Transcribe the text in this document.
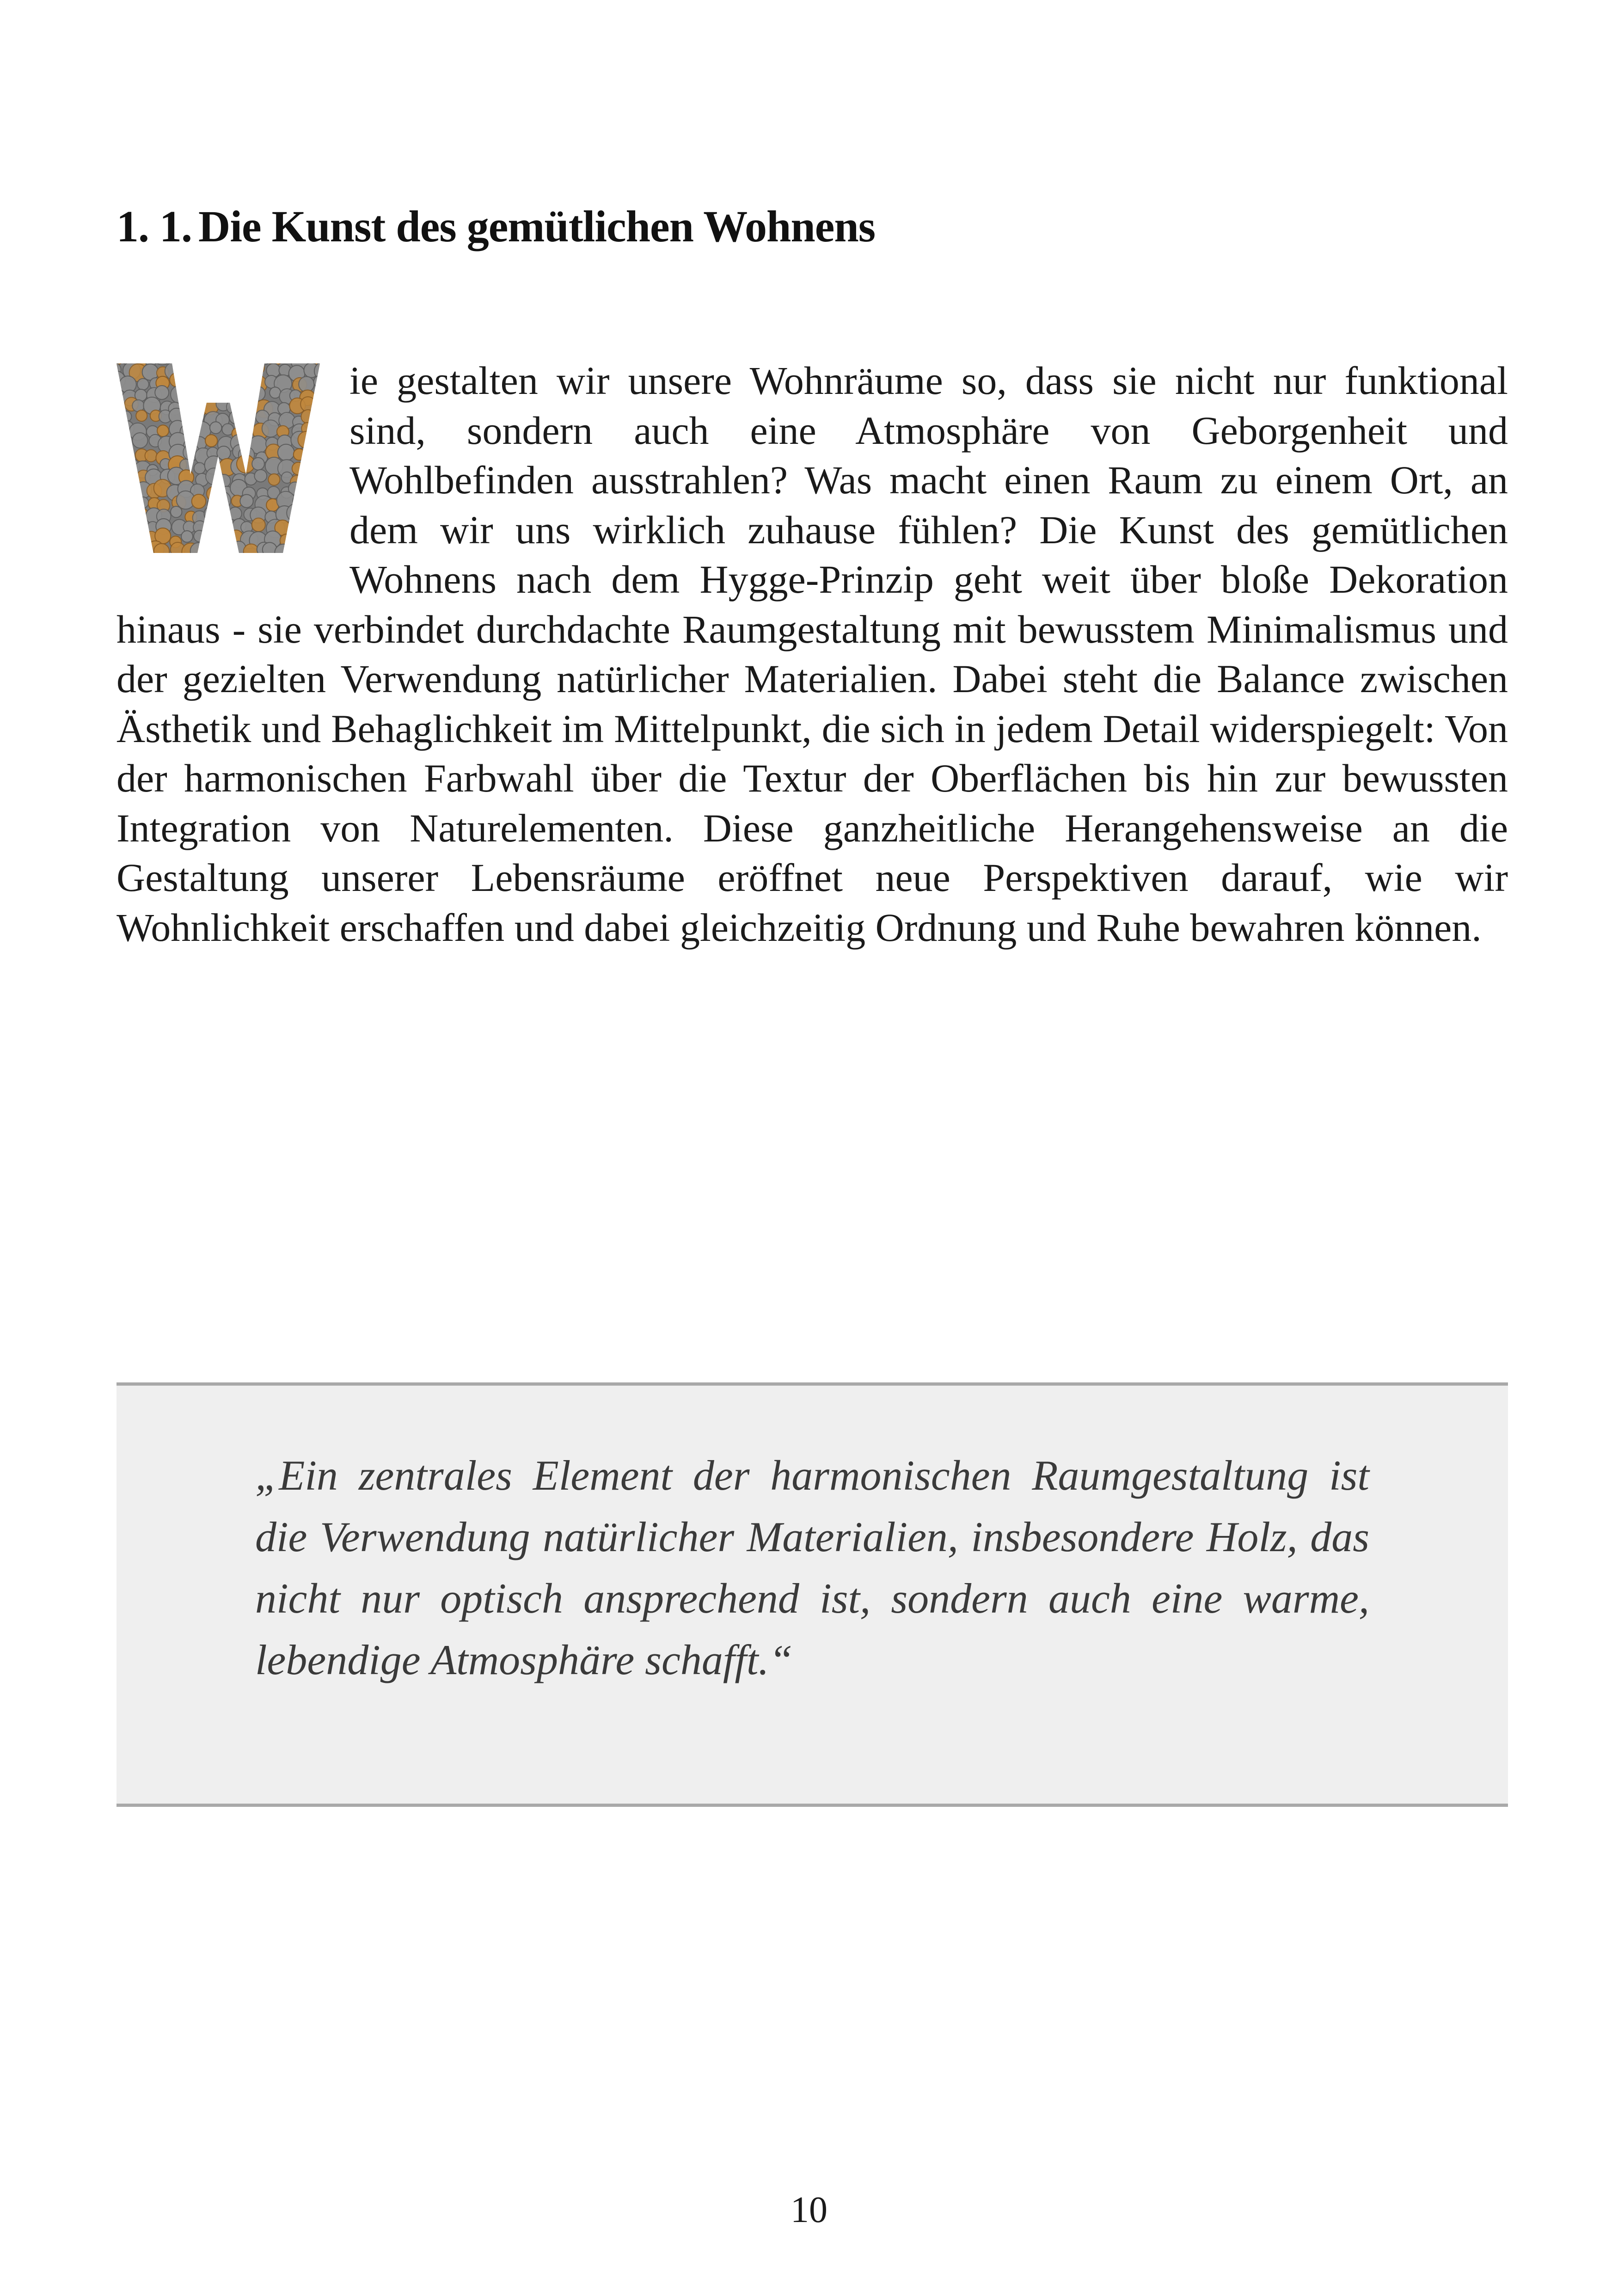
1. 1. Die Kunst des gemütlichen Wohnens

ie gestalten wir unsere Wohnräume so, dass sie nicht nur funktional sind, sondern auch eine Atmosphäre von Geborgenheit und Wohlbefinden ausstrahlen? Was macht einen Raum zu einem Ort, an dem wir uns wirklich zuhause fühlen? Die Kunst des gemütlichen Wohnens nach dem Hygge-Prinzip geht weit über bloße Dekoration hinaus - sie verbindet durchdachte Raumgestaltung mit bewusstem Minimalismus und der gezielten Verwendung natürlicher Materialien. Dabei steht die Balance zwischen Ästhetik und Behaglichkeit im Mittelpunkt, die sich in jedem Detail widerspiegelt: Von der harmonischen Farbwahl über die Textur der Oberflächen bis hin zur bewussten Integration von Naturelementen. Diese ganzheitliche Herangehensweise an die Gestaltung unserer Lebensräume eröffnet neue Perspektiven darauf, wie wir Wohnlichkeit erschaffen und dabei gleichzeitig Ordnung und Ruhe bewahren können.

„Ein zentrales Element der harmonischen Raumgestaltung ist die Verwendung natürlicher Materialien, insbesondere Holz, das nicht nur optisch ansprechend ist, sondern auch eine warme, lebendige Atmosphäre schafft.“

10
